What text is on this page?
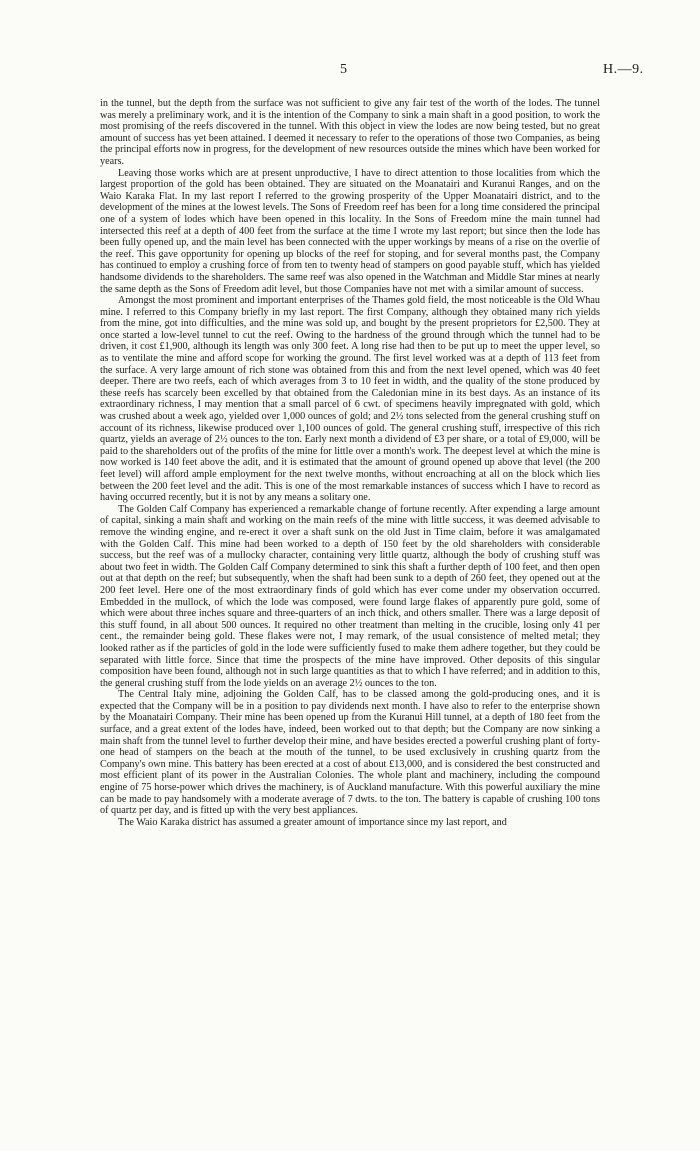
5	H.—9.

in the tunnel, but the depth from the surface was not sufficient to give any fair test of the worth of the lodes. The tunnel was merely a preliminary work, and it is the intention of the Company to sink a main shaft in a good position, to work the most promising of the reefs discovered in the tunnel. With this object in view the lodes are now being tested, but no great amount of success has yet been attained. I deemed it necessary to refer to the operations of those two Companies, as being the principal efforts now in progress, for the development of new resources outside the mines which have been worked for years.

Leaving those works which are at present unproductive, I have to direct attention to those localities from which the largest proportion of the gold has been obtained. They are situated on the Moanatairi and Kuranui Ranges, and on the Waio Karaka Flat. In my last report I referred to the growing prosperity of the Upper Moanatairi district, and to the development of the mines at the lowest levels. The Sons of Freedom reef has been for a long time considered the principal one of a system of lodes which have been opened in this locality. In the Sons of Freedom mine the main tunnel had intersected this reef at a depth of 400 feet from the surface at the time I wrote my last report; but since then the lode has been fully opened up, and the main level has been connected with the upper workings by means of a rise on the overlie of the reef. This gave opportunity for opening up blocks of the reef for stoping, and for several months past, the Company has continued to employ a crushing force of from ten to twenty head of stampers on good payable stuff, which has yielded handsome dividends to the shareholders. The same reef was also opened in the Watchman and Middle Star mines at nearly the same depth as the Sons of Freedom adit level, but those Companies have not met with a similar amount of success.

Amongst the most prominent and important enterprises of the Thames gold field, the most noticeable is the Old Whau mine. I referred to this Company briefly in my last report. The first Company, although they obtained many rich yields from the mine, got into difficulties, and the mine was sold up, and bought by the present proprietors for £2,500. They at once started a low-level tunnel to cut the reef. Owing to the hardness of the ground through which the tunnel had to be driven, it cost £1,900, although its length was only 300 feet. A long rise had then to be put up to meet the upper level, so as to ventilate the mine and afford scope for working the ground. The first level worked was at a depth of 113 feet from the surface. A very large amount of rich stone was obtained from this and from the next level opened, which was 40 feet deeper. There are two reefs, each of which averages from 3 to 10 feet in width, and the quality of the stone produced by these reefs has scarcely been excelled by that obtained from the Caledonian mine in its best days. As an instance of its extraordinary richness, I may mention that a small parcel of 6 cwt. of specimens heavily impregnated with gold, which was crushed about a week ago, yielded over 1,000 ounces of gold; and 2½ tons selected from the general crushing stuff on account of its richness, likewise produced over 1,100 ounces of gold. The general crushing stuff, irrespective of this rich quartz, yields an average of 2½ ounces to the ton. Early next month a dividend of £3 per share, or a total of £9,000, will be paid to the shareholders out of the profits of the mine for little over a month's work. The deepest level at which the mine is now worked is 140 feet above the adit, and it is estimated that the amount of ground opened up above that level (the 200 feet level) will afford ample employment for the next twelve months, without encroaching at all on the block which lies between the 200 feet level and the adit. This is one of the most remarkable instances of success which I have to record as having occurred recently, but it is not by any means a solitary one.

The Golden Calf Company has experienced a remarkable change of fortune recently. After expending a large amount of capital, sinking a main shaft and working on the main reefs of the mine with little success, it was deemed advisable to remove the winding engine, and re-erect it over a shaft sunk on the old Just in Time claim, before it was amalgamated with the Golden Calf. This mine had been worked to a depth of 150 feet by the old shareholders with considerable success, but the reef was of a mullocky character, containing very little quartz, although the body of crushing stuff was about two feet in width. The Golden Calf Company determined to sink this shaft a further depth of 100 feet, and then open out at that depth on the reef; but subsequently, when the shaft had been sunk to a depth of 260 feet, they opened out at the 200 feet level. Here one of the most extraordinary finds of gold which has ever come under my observation occurred. Embedded in the mullock, of which the lode was composed, were found large flakes of apparently pure gold, some of which were about three inches square and three-quarters of an inch thick, and others smaller. There was a large deposit of this stuff found, in all about 500 ounces. It required no other treatment than melting in the crucible, losing only 41 per cent., the remainder being gold. These flakes were not, I may remark, of the usual consistence of melted metal; they looked rather as if the particles of gold in the lode were sufficiently fused to make them adhere together, but they could be separated with little force. Since that time the prospects of the mine have improved. Other deposits of this singular composition have been found, although not in such large quantities as that to which I have referred; and in addition to this, the general crushing stuff from the lode yields on an average 2½ ounces to the ton.

The Central Italy mine, adjoining the Golden Calf, has to be classed among the gold-producing ones, and it is expected that the Company will be in a position to pay dividends next month. I have also to refer to the enterprise shown by the Moanatairi Company. Their mine has been opened up from the Kuranui Hill tunnel, at a depth of 180 feet from the surface, and a great extent of the lodes have, indeed, been worked out to that depth; but the Company are now sinking a main shaft from the tunnel level to further develop their mine, and have besides erected a powerful crushing plant of forty-one head of stampers on the beach at the mouth of the tunnel, to be used exclusively in crushing quartz from the Company's own mine. This battery has been erected at a cost of about £13,000, and is considered the best constructed and most efficient plant of its power in the Australian Colonies. The whole plant and machinery, including the compound engine of 75 horse-power which drives the machinery, is of Auckland manufacture. With this powerful auxiliary the mine can be made to pay handsomely with a moderate average of 7 dwts. to the ton. The battery is capable of crushing 100 tons of quartz per day, and is fitted up with the very best appliances.

The Waio Karaka district has assumed a greater amount of importance since my last report, and
